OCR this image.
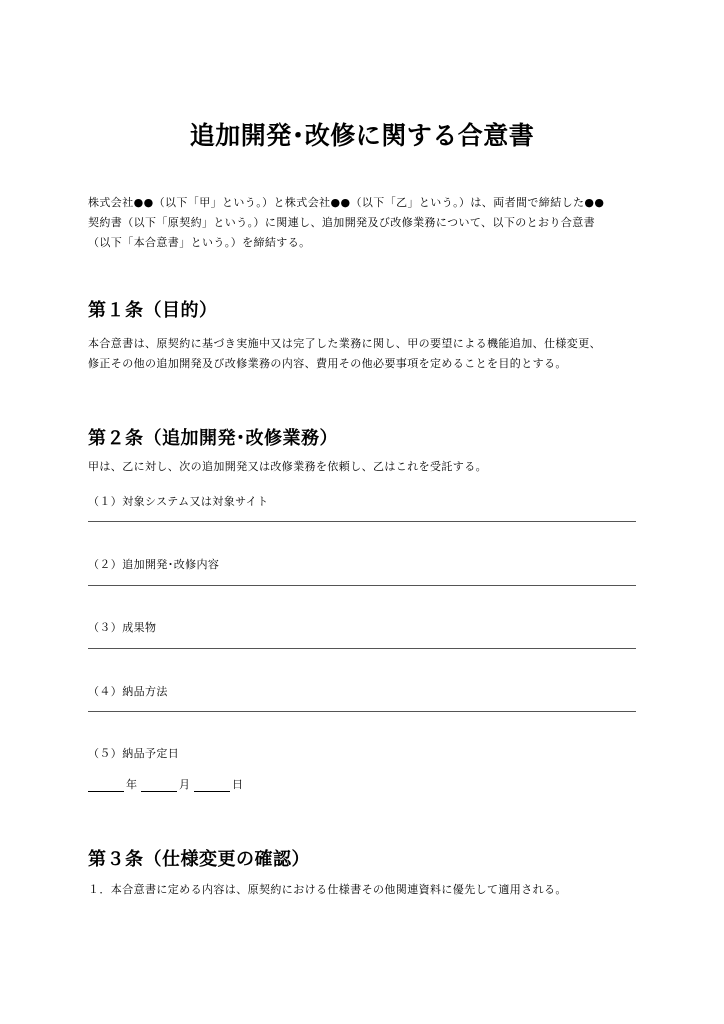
追加開発･改修に関する合意書
株式会社●●（以下「甲」という。）と株式会社●●（以下「乙」という。）は、両者間で締結した●●
契約書（以下「原契約」という。）に関連し、追加開発及び改修業務について、以下のとおり合意書
（以下「本合意書」という。）を締結する。
第１条（目的）
本合意書は、原契約に基づき実施中又は完了した業務に関し、甲の要望による機能追加、仕様変更、
修正その他の追加開発及び改修業務の内容、費用その他必要事項を定めることを目的とする。
第２条（追加開発･改修業務）
甲は、乙に対し、次の追加開発又は改修業務を依頼し、乙はこれを受託する。
（１）対象システム又は対象サイト
（２）追加開発･改修内容
（３）成果物
（４）納品方法
（５）納品予定日
年	月	日
第３条（仕様変更の確認）
１．本合意書に定める内容は、原契約における仕様書その他関連資料に優先して適用される。
